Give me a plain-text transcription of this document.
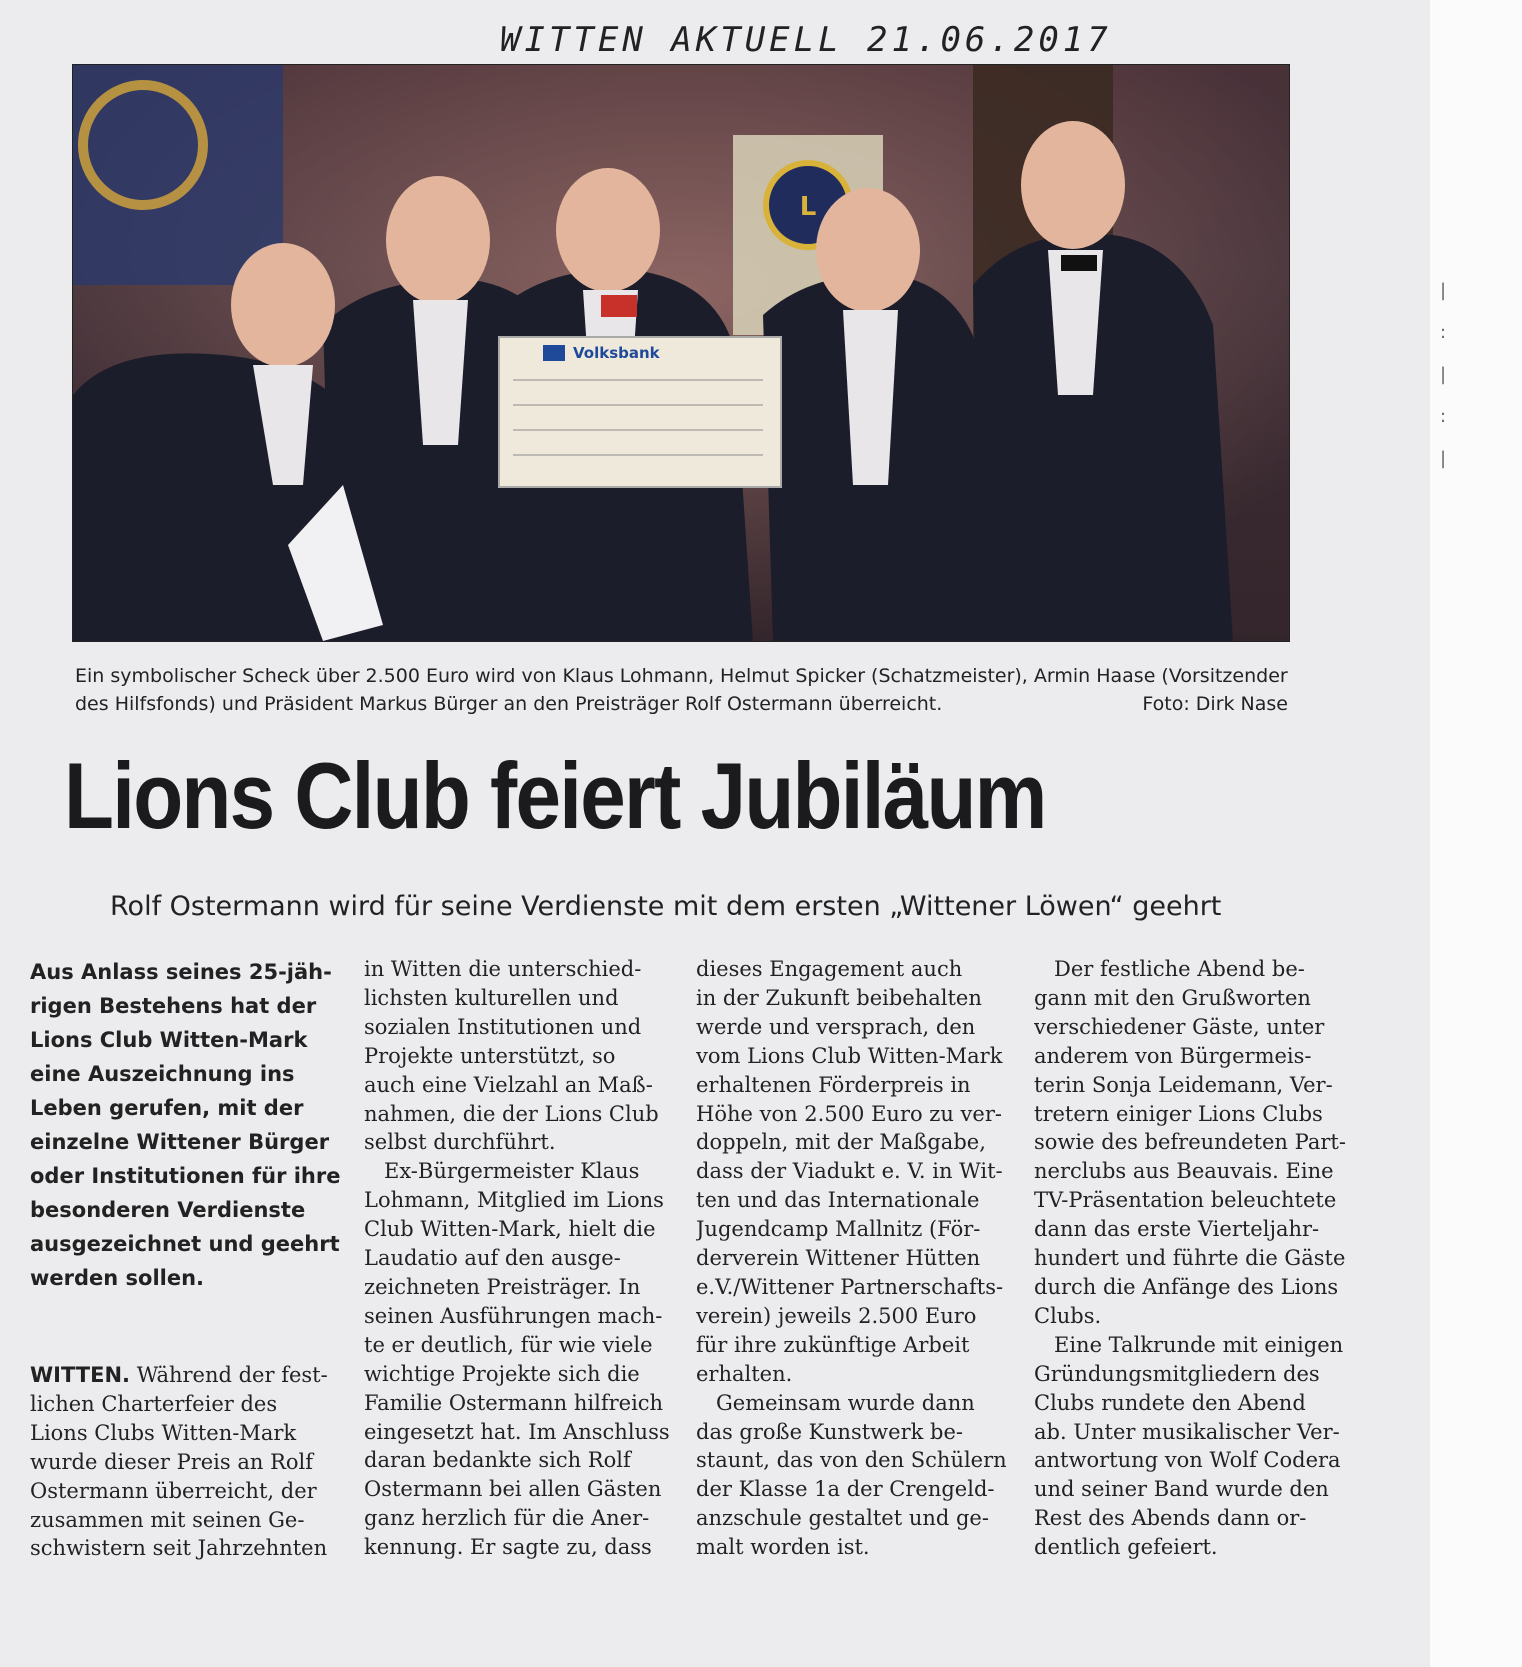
|
:
|
:
|
WITTEN AKTUELL 21.06.2017
L
Volksbank
Ein symbolischer Scheck über 2.500 Euro wird von Klaus Lohmann, Helmut Spicker (Schatzmeister), Armin Haase (Vorsitzender des Hilfsfonds) und Präsident Markus Bürger an den Preisträger Rolf Ostermann überreicht.	Foto: Dirk Nase
Lions Club feiert Jubiläum
Rolf Ostermann wird für seine Verdienste mit dem ersten „Wittener Löwen“ geehrt

Aus Anlass seines 25-jäh-
rigen Bestehens hat der
Lions Club Witten-Mark
eine Auszeichnung ins
Leben gerufen, mit der
einzelne Wittener Bürger
oder Institutionen für ihre
besonderen Verdienste
ausgezeichnet und geehrt
werden sollen.

WITTEN. Während der fest-
lichen Charterfeier des
Lions Clubs Witten-Mark
wurde dieser Preis an Rolf
Ostermann überreicht, der
zusammen mit seinen Ge-
schwistern seit Jahrzehnten

in Witten die unterschied-
lichsten kulturellen und
sozialen Institutionen und
Projekte unterstützt, so
auch eine Vielzahl an Maß-
nahmen, die der Lions Club
selbst durchführt.

Ex-Bürgermeister Klaus
Lohmann, Mitglied im Lions
Club Witten-Mark, hielt die
Laudatio auf den ausge-
zeichneten Preisträger. In
seinen Ausführungen mach-
te er deutlich, für wie viele
wichtige Projekte sich die
Familie Ostermann hilfreich
eingesetzt hat. Im Anschluss
daran bedankte sich Rolf
Ostermann bei allen Gästen
ganz herzlich für die Aner-
kennung. Er sagte zu, dass

dieses Engagement auch
in der Zukunft beibehalten
werde und versprach, den
vom Lions Club Witten-Mark
erhaltenen Förderpreis in
Höhe von 2.500 Euro zu ver-
doppeln, mit der Maßgabe,
dass der Viadukt e. V. in Wit-
ten und das Internationale
Jugendcamp Mallnitz (För-
derverein Wittener Hütten
e.V./Wittener Partnerschafts-
verein) jeweils 2.500 Euro
für ihre zukünftige Arbeit
erhalten.

Gemeinsam wurde dann
das große Kunstwerk be-
staunt, das von den Schülern
der Klasse 1a der Crengeld-
anzschule gestaltet und ge-
malt worden ist.

Der festliche Abend be-
gann mit den Grußworten
verschiedener Gäste, unter
anderem von Bürgermeis-
terin Sonja Leidemann, Ver-
tretern einiger Lions Clubs
sowie des befreundeten Part-
nerclubs aus Beauvais. Eine
TV-Präsentation beleuchtete
dann das erste Vierteljahr-
hundert und führte die Gäste
durch die Anfänge des Lions
Clubs.

Eine Talkrunde mit einigen
Gründungsmitgliedern des
Clubs rundete den Abend
ab. Unter musikalischer Ver-
antwortung von Wolf Codera
und seiner Band wurde den
Rest des Abends dann or-
dentlich gefeiert.
